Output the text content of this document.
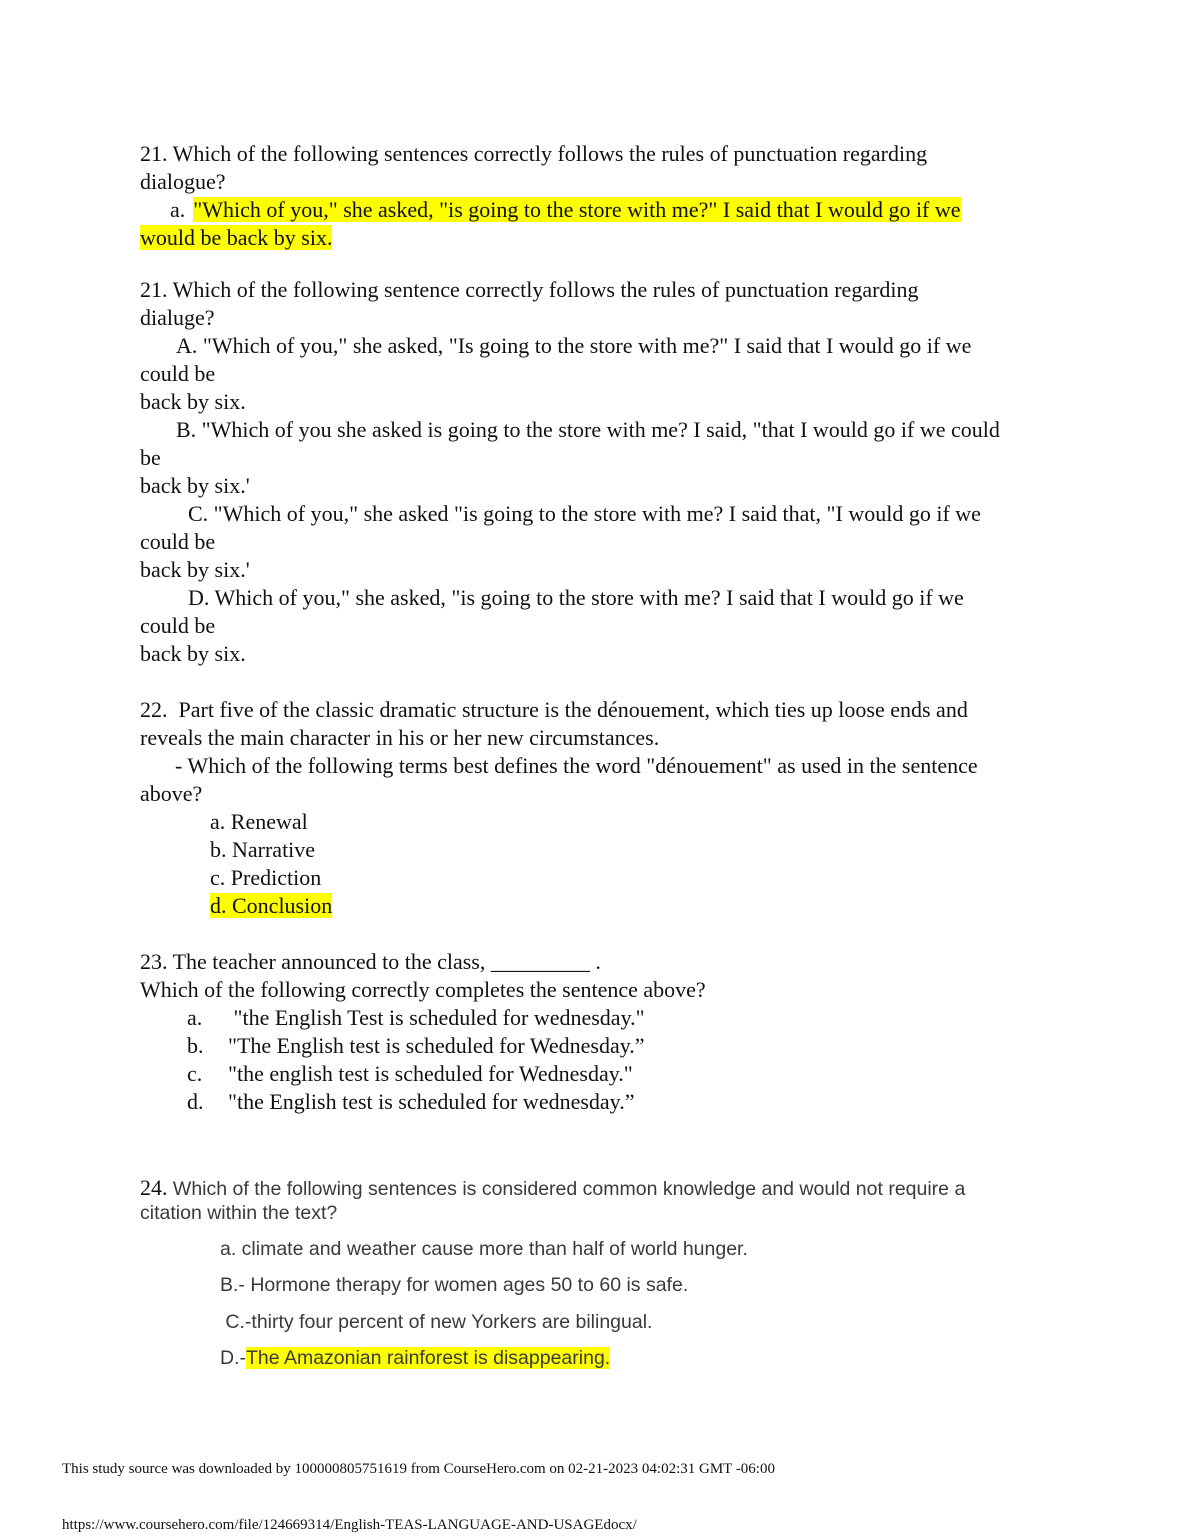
21. Which of the following sentences correctly follows the rules of punctuation regarding
dialogue?
a. "Which of you," she asked, "is going to the store with me?" I said that I would go if we
would be back by six.
21. Which of the following sentence correctly follows the rules of punctuation regarding
dialuge?
A. "Which of you," she asked, "Is going to the store with me?" I said that I would go if we
could be
back by six.
B. "Which of you she asked is going to the store with me? I said, "that I would go if we could
be
back by six.'
C. "Which of you," she asked "is going to the store with me? I said that, "I would go if we
could be
back by six.'
D. Which of you," she asked, "is going to the store with me? I said that I would go if we
could be
back by six.
22.  Part five of the classic dramatic structure is the dénouement, which ties up loose ends and
reveals the main character in his or her new circumstances.
- Which of the following terms best defines the word "dénouement" as used in the sentence
above?
a. Renewal
b. Narrative
c. Prediction
d. Conclusion
23. The teacher announced to the class, _________ .
Which of the following correctly completes the sentence above?
a. "the English Test is scheduled for wednesday."
b. "The English test is scheduled for Wednesday.”
c. "the english test is scheduled for Wednesday."
d. "the English test is scheduled for wednesday.”
24. Which of the following sentences is considered common knowledge and would not require a
citation within the text?
a. climate and weather cause more than half of world hunger.
B.- Hormone therapy for women ages 50 to 60 is safe.
C.-thirty four percent of new Yorkers are bilingual.
D.-The Amazonian rainforest is disappearing.
This study source was downloaded by 100000805751619 from CourseHero.com on 02-21-2023 04:02:31 GMT -06:00
https://www.coursehero.com/file/124669314/English-TEAS-LANGUAGE-AND-USAGEdocx/
